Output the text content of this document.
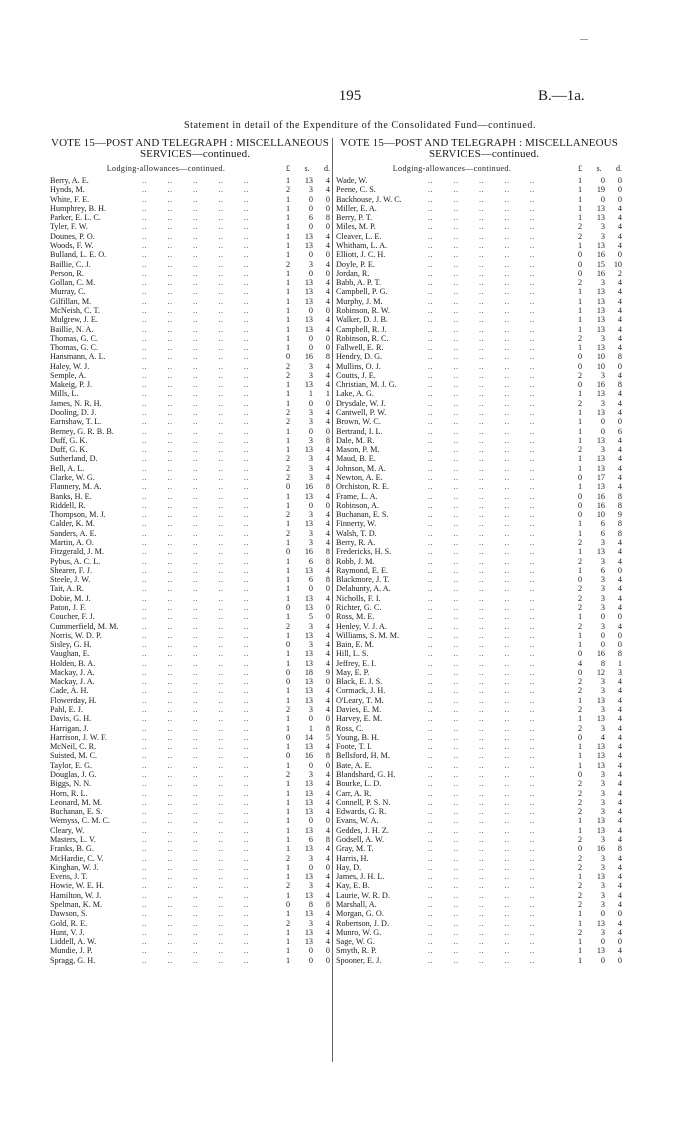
—
195	B.—1a.
Statement in detail of the Expenditure of the Consolidated Fund—continued.
VOTE 15—POST AND TELEGRAPH : MISCELLANEOUS
SERVICES—continued.
Lodging-allowances—continued.	£ s. d.
Berry, A. E.	..        ..        ..        ..        ..	1	13	4
Hynds, M.	..        ..        ..        ..        ..	2	3	4
White, F. E.	..        ..        ..        ..        ..	1	0	0
Humphrey, B. H.	..        ..        ..        ..        ..	1	0	0
Parker, E. L. C.	..        ..        ..        ..        ..	1	6	8
Tyler, F. W.	..        ..        ..        ..        ..	1	0	0
Dounes, P. O.	..        ..        ..        ..        ..	1	13	4
Woods, F. W.	..        ..        ..        ..        ..	1	13	4
Bulland, L. E. O.	..        ..        ..        ..        ..	1	0	0
Baillie, C. J.	..        ..        ..        ..        ..	2	3	4
Person, R.	..        ..        ..        ..        ..	1	0	0
Gollan, C. M.	..        ..        ..        ..        ..	1	13	4
Murray, C.	..        ..        ..        ..        ..	1	13	4
Gilfillan, M.	..        ..        ..        ..        ..	1	13	4
McNeish, C. T.	..        ..        ..        ..        ..	1	0	0
Mulgrew, J. E.	..        ..        ..        ..        ..	1	13	4
Baillie, N. A.	..        ..        ..        ..        ..	1	13	4
Thomas, G. C.	..        ..        ..        ..        ..	1	0	0
Thomas, G. C.	..        ..        ..        ..        ..	1	0	0
Hansmann, A. L.	..        ..        ..        ..        ..	0	16	8
Haley, W. J.	..        ..        ..        ..        ..	2	3	4
Semple, A.	..        ..        ..        ..        ..	2	3	4
Makeig, P. J.	..        ..        ..        ..        ..	1	13	4
Mills, L.	..        ..        ..        ..        ..	1	1	1
James, N. R. H.	..        ..        ..        ..        ..	1	0	0
Dooling, D. J.	..        ..        ..        ..        ..	2	3	4
Earnshaw, T. L.	..        ..        ..        ..        ..	2	3	4
Berney, G. R. B. B.	..        ..        ..        ..        ..	1	0	0
Duff, G. K.	..        ..        ..        ..        ..	1	3	8
Duff, G. K.	..        ..        ..        ..        ..	1	13	4
Sutherland, D.	..        ..        ..        ..        ..	2	3	4
Bell, A. L.	..        ..        ..        ..        ..	2	3	4
Clarke, W. G.	..        ..        ..        ..        ..	2	3	4
Flannery, M. A.	..        ..        ..        ..        ..	0	16	8
Banks, H. E.	..        ..        ..        ..        ..	1	13	4
Riddell, R.	..        ..        ..        ..        ..	1	0	0
Thompson, M. J.	..        ..        ..        ..        ..	2	3	4
Calder, K. M.	..        ..        ..        ..        ..	1	13	4
Sanders, A. E.	..        ..        ..        ..        ..	2	3	4
Martin, A. O.	..        ..        ..        ..        ..	1	3	4
Fitzgerald, J. M.	..        ..        ..        ..        ..	0	16	8
Pybus, A. C. L.	..        ..        ..        ..        ..	1	6	8
Shearer, F. J.	..        ..        ..        ..        ..	1	13	4
Steele, J. W.	..        ..        ..        ..        ..	1	6	8
Tait, A. R.	..        ..        ..        ..        ..	1	0	0
Dobie, M. J.	..        ..        ..        ..        ..	1	13	4
Paton, J. F.	..        ..        ..        ..        ..	0	13	0
Coucher, F. J.	..        ..        ..        ..        ..	1	5	0
Cummerfield, M. M.	..        ..        ..        ..        ..	2	3	4
Norris, W. D. P.	..        ..        ..        ..        ..	1	13	4
Sisley, G. H.	..        ..        ..        ..        ..	0	3	4
Vaughan, E.	..        ..        ..        ..        ..	1	13	4
Holden, B. A.	..        ..        ..        ..        ..	1	13	4
Mackay, J. A.	..        ..        ..        ..        ..	0	18	9
Mackay, J. A.	..        ..        ..        ..        ..	0	13	0
Cade, A. H.	..        ..        ..        ..        ..	1	13	4
Flowerday, H.	..        ..        ..        ..        ..	1	13	4
Pahl, E. J.	..        ..        ..        ..        ..	2	3	4
Davis, G. H.	..        ..        ..        ..        ..	1	0	0
Harrigan, J.	..        ..        ..        ..        ..	1	1	8
Harrison, J. W. F.	..        ..        ..        ..        ..	0	14	5
McNeil, C. R.	..        ..        ..        ..        ..	1	13	4
Suisted, M. C.	..        ..        ..        ..        ..	0	16	8
Taylor, E. G.	..        ..        ..        ..        ..	1	0	0
Douglas, J. G.	..        ..        ..        ..        ..	2	3	4
Biggs, N. N.	..        ..        ..        ..        ..	1	13	4
Horn, R. L.	..        ..        ..        ..        ..	1	13	4
Leonard, M. M.	..        ..        ..        ..        ..	1	13	4
Buchanan, E. S.	..        ..        ..        ..        ..	1	13	4
Wemyss, C. M. C.	..        ..        ..        ..        ..	1	0	0
Cleary, W.	..        ..        ..        ..        ..	1	13	4
Masters, L. V.	..        ..        ..        ..        ..	1	6	8
Franks, B. G.	..        ..        ..        ..        ..	1	13	4
McHardie, C. V.	..        ..        ..        ..        ..	2	3	4
Kinghan, W. J.	..        ..        ..        ..        ..	1	0	0
Evens, J. T.	..        ..        ..        ..        ..	1	13	4
Howie, W. E. H.	..        ..        ..        ..        ..	2	3	4
Hamilton, W. J.	..        ..        ..        ..        ..	1	13	4
Spelman, K. M.	..        ..        ..        ..        ..	0	8	8
Dawson, S.	..        ..        ..        ..        ..	1	13	4
Gold, R. E.	..        ..        ..        ..        ..	2	3	4
Hunt, V. J.	..        ..        ..        ..        ..	1	13	4
Liddell, A. W.	..        ..        ..        ..        ..	1	13	4
Mundie, J. P.	..        ..        ..        ..        ..	1	0	0
Spragg, G. H.	..        ..        ..        ..        ..	1	0	0
VOTE 15—POST AND TELEGRAPH : MISCELLANEOUS
SERVICES—continued.
Lodging-allowances—continued.	£ s. d.
Wade, W.	..        ..        ..        ..        ..	1	0	0
Peene, C. S.	..        ..        ..        ..        ..	1	19	0
Backhouse, J. W. C.	..        ..        ..        ..        ..	1	0	0
Miller, E. A.	..        ..        ..        ..        ..	1	13	4
Berry, P. T.	..        ..        ..        ..        ..	1	13	4
Miles, M. P.	..        ..        ..        ..        ..	2	3	4
Cleaver, L. E.	..        ..        ..        ..        ..	2	3	4
Whitham, L. A.	..        ..        ..        ..        ..	1	13	4
Elliott, J. C. H.	..        ..        ..        ..        ..	0	16	0
Doyle, P. E.	..        ..        ..        ..        ..	0	15	10
Jordan, R.	..        ..        ..        ..        ..	0	16	2
Babb, A. P. T.	..        ..        ..        ..        ..	2	3	4
Campbell, P. G.	..        ..        ..        ..        ..	1	13	4
Murphy, J. M.	..        ..        ..        ..        ..	1	13	4
Robinson, R. W.	..        ..        ..        ..        ..	1	13	4
Walker, D. J. B.	..        ..        ..        ..        ..	1	13	4
Campbell, R. J.	..        ..        ..        ..        ..	1	13	4
Robinson, R. C.	..        ..        ..        ..        ..	2	3	4
Fallwell, E. R.	..        ..        ..        ..        ..	1	13	4
Hendry, D. G.	..        ..        ..        ..        ..	0	10	8
Mullins, O. J.	..        ..        ..        ..        ..	0	10	0
Coutts, J. E.	..        ..        ..        ..        ..	2	3	4
Christian, M. J. G.	..        ..        ..        ..        ..	0	16	8
Lake, A. G.	..        ..        ..        ..        ..	1	13	4
Drysdale, W. J.	..        ..        ..        ..        ..	2	3	4
Cantwell, P. W.	..        ..        ..        ..        ..	1	13	4
Brown, W. C.	..        ..        ..        ..        ..	1	0	0
Bertrand, I. L.	..        ..        ..        ..        ..	1	0	6
Dale, M. R.	..        ..        ..        ..        ..	1	13	4
Mason, P. M.	..        ..        ..        ..        ..	2	3	4
Maud, B. E.	..        ..        ..        ..        ..	1	13	4
Johnson, M. A.	..        ..        ..        ..        ..	1	13	4
Newton, A. E.	..        ..        ..        ..        ..	0	17	4
Orchiston, R. E.	..        ..        ..        ..        ..	1	13	4
Frame, L. A.	..        ..        ..        ..        ..	0	16	8
Robinson, A.	..        ..        ..        ..        ..	0	16	8
Buchanan, E. S.	..        ..        ..        ..        ..	0	10	9
Finnerty, W.	..        ..        ..        ..        ..	1	6	8
Walsh, T. D.	..        ..        ..        ..        ..	1	6	8
Berry, R. A.	..        ..        ..        ..        ..	2	3	4
Fredericks, H. S.	..        ..        ..        ..        ..	1	13	4
Robb, J. M.	..        ..        ..        ..        ..	2	3	4
Raymond, E. E.	..        ..        ..        ..        ..	1	6	0
Blackmore, J. T.	..        ..        ..        ..        ..	0	3	4
Delahunty, A. A.	..        ..        ..        ..        ..	2	3	4
Nicholls, F. I.	..        ..        ..        ..        ..	2	3	4
Richter, G. C.	..        ..        ..        ..        ..	2	3	4
Ross, M. E.	..        ..        ..        ..        ..	1	0	0
Henley, V. J. A.	..        ..        ..        ..        ..	2	3	4
Williams, S. M. M.	..        ..        ..        ..        ..	1	0	0
Bain, E. M.	..        ..        ..        ..        ..	1	0	0
Hill, L. S.	..        ..        ..        ..        ..	0	16	8
Jeffrey, E. I.	..        ..        ..        ..        ..	4	8	1
May, E. P.	..        ..        ..        ..        ..	0	12	3
Black, E. J. S.	..        ..        ..        ..        ..	2	3	4
Cormack, J. H.	..        ..        ..        ..        ..	2	3	4
O'Leary, T. M.	..        ..        ..        ..        ..	1	13	4
Davies, E. M.	..        ..        ..        ..        ..	2	3	4
Harvey, E. M.	..        ..        ..        ..        ..	1	13	4
Ross, C.	..        ..        ..        ..        ..	2	3	4
Young, B. H.	..        ..        ..        ..        ..	0	4	4
Foote, T. I.	..        ..        ..        ..        ..	1	13	4
Bellsford, H. M.	..        ..        ..        ..        ..	1	13	4
Bate, A. E.	..        ..        ..        ..        ..	1	13	4
Blandshard, G. H.	..        ..        ..        ..        ..	0	3	4
Bourke, L. D.	..        ..        ..        ..        ..	2	3	4
Carr, A. R.	..        ..        ..        ..        ..	2	3	4
Connell, P. S. N.	..        ..        ..        ..        ..	2	3	4
Edwards, G. R.	..        ..        ..        ..        ..	2	3	4
Evans, W. A.	..        ..        ..        ..        ..	1	13	4
Geddes, J. H. Z.	..        ..        ..        ..        ..	1	13	4
Godsell, A. W.	..        ..        ..        ..        ..	2	3	4
Gray, M. T.	..        ..        ..        ..        ..	0	16	8
Harris, H.	..        ..        ..        ..        ..	2	3	4
Hay, D.	..        ..        ..        ..        ..	2	3	4
James, J. H. L.	..        ..        ..        ..        ..	1	13	4
Kay, E. B.	..        ..        ..        ..        ..	2	3	4
Laurie, W. R. D.	..        ..        ..        ..        ..	2	3	4
Marshall, A.	..        ..        ..        ..        ..	2	3	4
Morgan, G. O.	..        ..        ..        ..        ..	1	0	0
Robertson, J. D.	..        ..        ..        ..        ..	1	13	4
Munro, W. G.	..        ..        ..        ..        ..	2	3	4
Sage, W. G.	..        ..        ..        ..        ..	1	0	0
Smyth, R. P.	..        ..        ..        ..        ..	1	13	4
Spooner, E. J.	..        ..        ..        ..        ..	1	0	0
